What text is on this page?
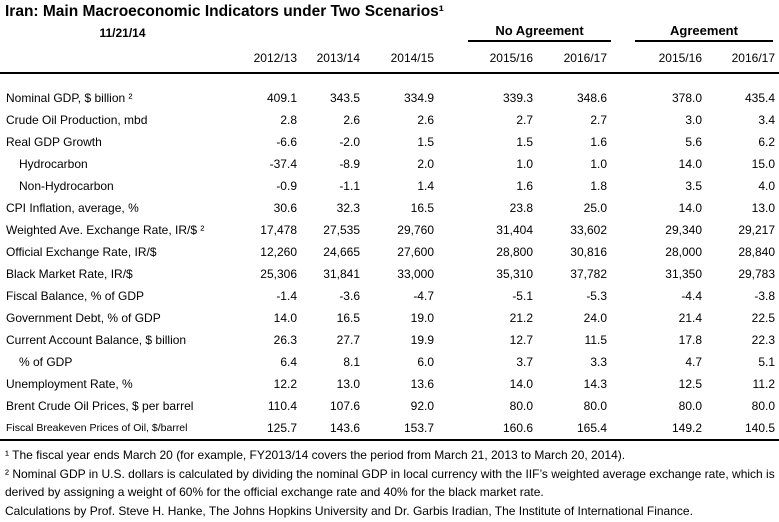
Iran: Main Macroeconomic Indicators under Two Scenarios¹
11/21/14				No Agreement		Agreement	

	2012/13	2013/14	2014/15	2015/16	2016/17	2015/16	2016/17
Nominal GDP, $ billion ²	409.1	343.5	334.9	339.3	348.6	378.0	435.4
Crude Oil Production, mbd	2.8	2.6	2.6	2.7	2.7	3.0	3.4
Real GDP Growth	-6.6	-2.0	1.5	1.5	1.6	5.6	6.2
Hydrocarbon	-37.4	-8.9	2.0	1.0	1.0	14.0	15.0
Non-Hydrocarbon	-0.9	-1.1	1.4	1.6	1.8	3.5	4.0
CPI Inflation, average, %	30.6	32.3	16.5	23.8	25.0	14.0	13.0
Weighted Ave. Exchange Rate, IR/$ ²	17,478	27,535	29,760	31,404	33,602	29,340	29,217
Official Exchange Rate, IR/$	12,260	24,665	27,600	28,800	30,816	28,000	28,840
Black Market Rate, IR/$	25,306	31,841	33,000	35,310	37,782	31,350	29,783
Fiscal Balance, % of GDP	-1.4	-3.6	-4.7	-5.1	-5.3	-4.4	-3.8
Government Debt, % of GDP	14.0	16.5	19.0	21.2	24.0	21.4	22.5
Current Account Balance, $ billion	26.3	27.7	19.9	12.7	11.5	17.8	22.3
% of GDP	6.4	8.1	6.0	3.7	3.3	4.7	5.1
Unemployment Rate, %	12.2	13.0	13.6	14.0	14.3	12.5	11.2
Brent Crude Oil Prices, $ per barrel	110.4	107.6	92.0	80.0	80.0	80.0	80.0
Fiscal Breakeven Prices of Oil, $/barrel	125.7	143.6	153.7	160.6	165.4	149.2	140.5
¹ The fiscal year ends March 20 (for example, FY2013/14 covers the period from March 21, 2013 to March 20, 2014).
² Nominal GDP in U.S. dollars is calculated by dividing the nominal GDP in local currency with the IIF’s weighted average exchange rate, which is derived by assigning a weight of 60% for the official exchange rate and 40% for the black market rate.
Calculations by Prof. Steve H. Hanke, The Johns Hopkins University and Dr. Garbis Iradian, The Institute of International Finance.
